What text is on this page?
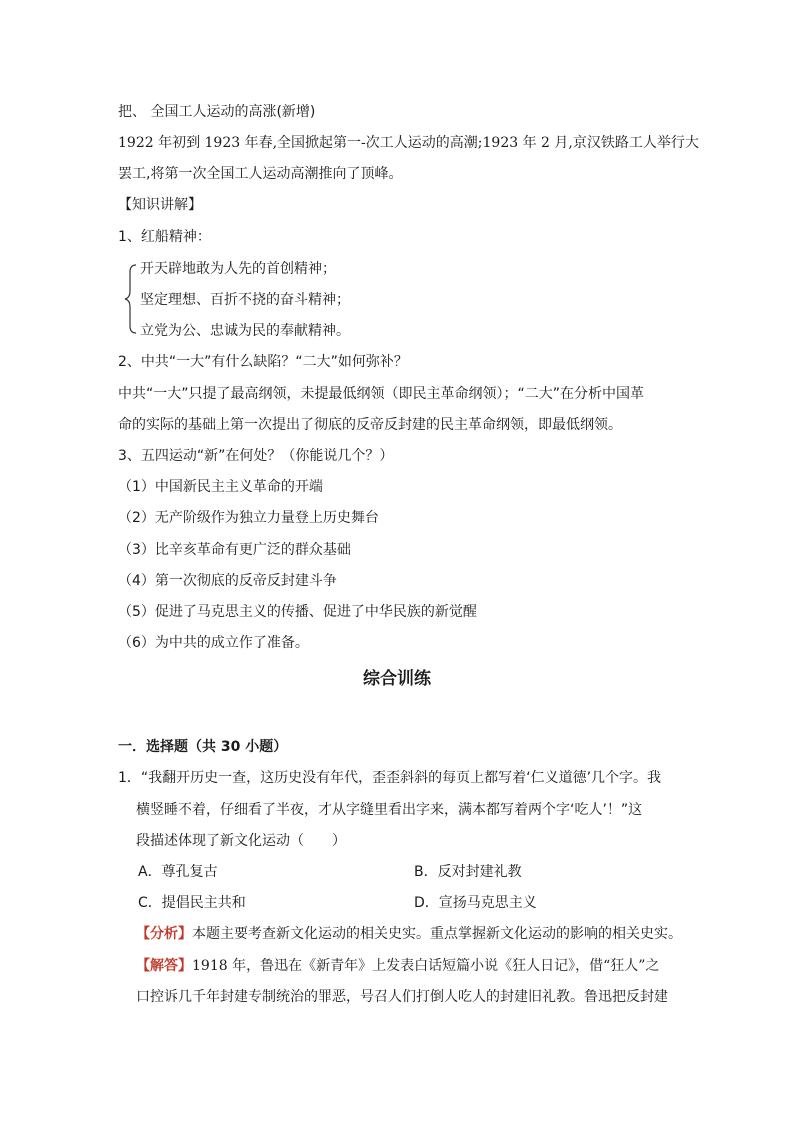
把、 全国工人运动的高涨(新增)
1922 年初到 1923 年春,全国掀起第一-次工人运动的高潮;1923 年 2 月,京汉铁路工人举行大
罢工,将第一次全国工人运动高潮推向了顶峰。
【知识讲解】
1、红船精神：
开天辟地敢为人先的首创精神；
坚定理想、百折不挠的奋斗精神；
立党为公、忠诚为民的奉献精神。
2、中共“一大”有什么缺陷？“二大”如何弥补？
中共“一大”只提了最高纲领，未提最低纲领（即民主革命纲领）；“二大”在分析中国革
命的实际的基础上第一次提出了彻底的反帝反封建的民主革命纲领，即最低纲领。
3、五四运动“新”在何处？（你能说几个？）
（1）中国新民主主义革命的开端
（2）无产阶级作为独立力量登上历史舞台
（3）比辛亥革命有更广泛的群众基础
（4）第一次彻底的反帝反封建斗争
（5）促进了马克思主义的传播、促进了中华民族的新觉醒
（6）为中共的成立作了准备。
综合训练
一．选择题（共 30 小题）
1．“我翻开历史一查，这历史没有年代，歪歪斜斜的每页上都写着‘仁义道德’几个字。我
横竖睡不着，仔细看了半夜，才从字缝里看出字来，满本都写着两个字‘吃人’！”这
段描述体现了新文化运动（　　）
A．尊孔复古	B．反对封建礼教
C．提倡民主共和	D．宣扬马克思主义
【分析】本题主要考查新文化运动的相关史实。重点掌握新文化运动的影响的相关史实。
【解答】1918 年，鲁迅在《新青年》上发表白话短篇小说《狂人日记》，借“狂人”之
口控诉几千年封建专制统治的罪恶，号召人们打倒人吃人的封建旧礼教。鲁迅把反封建
